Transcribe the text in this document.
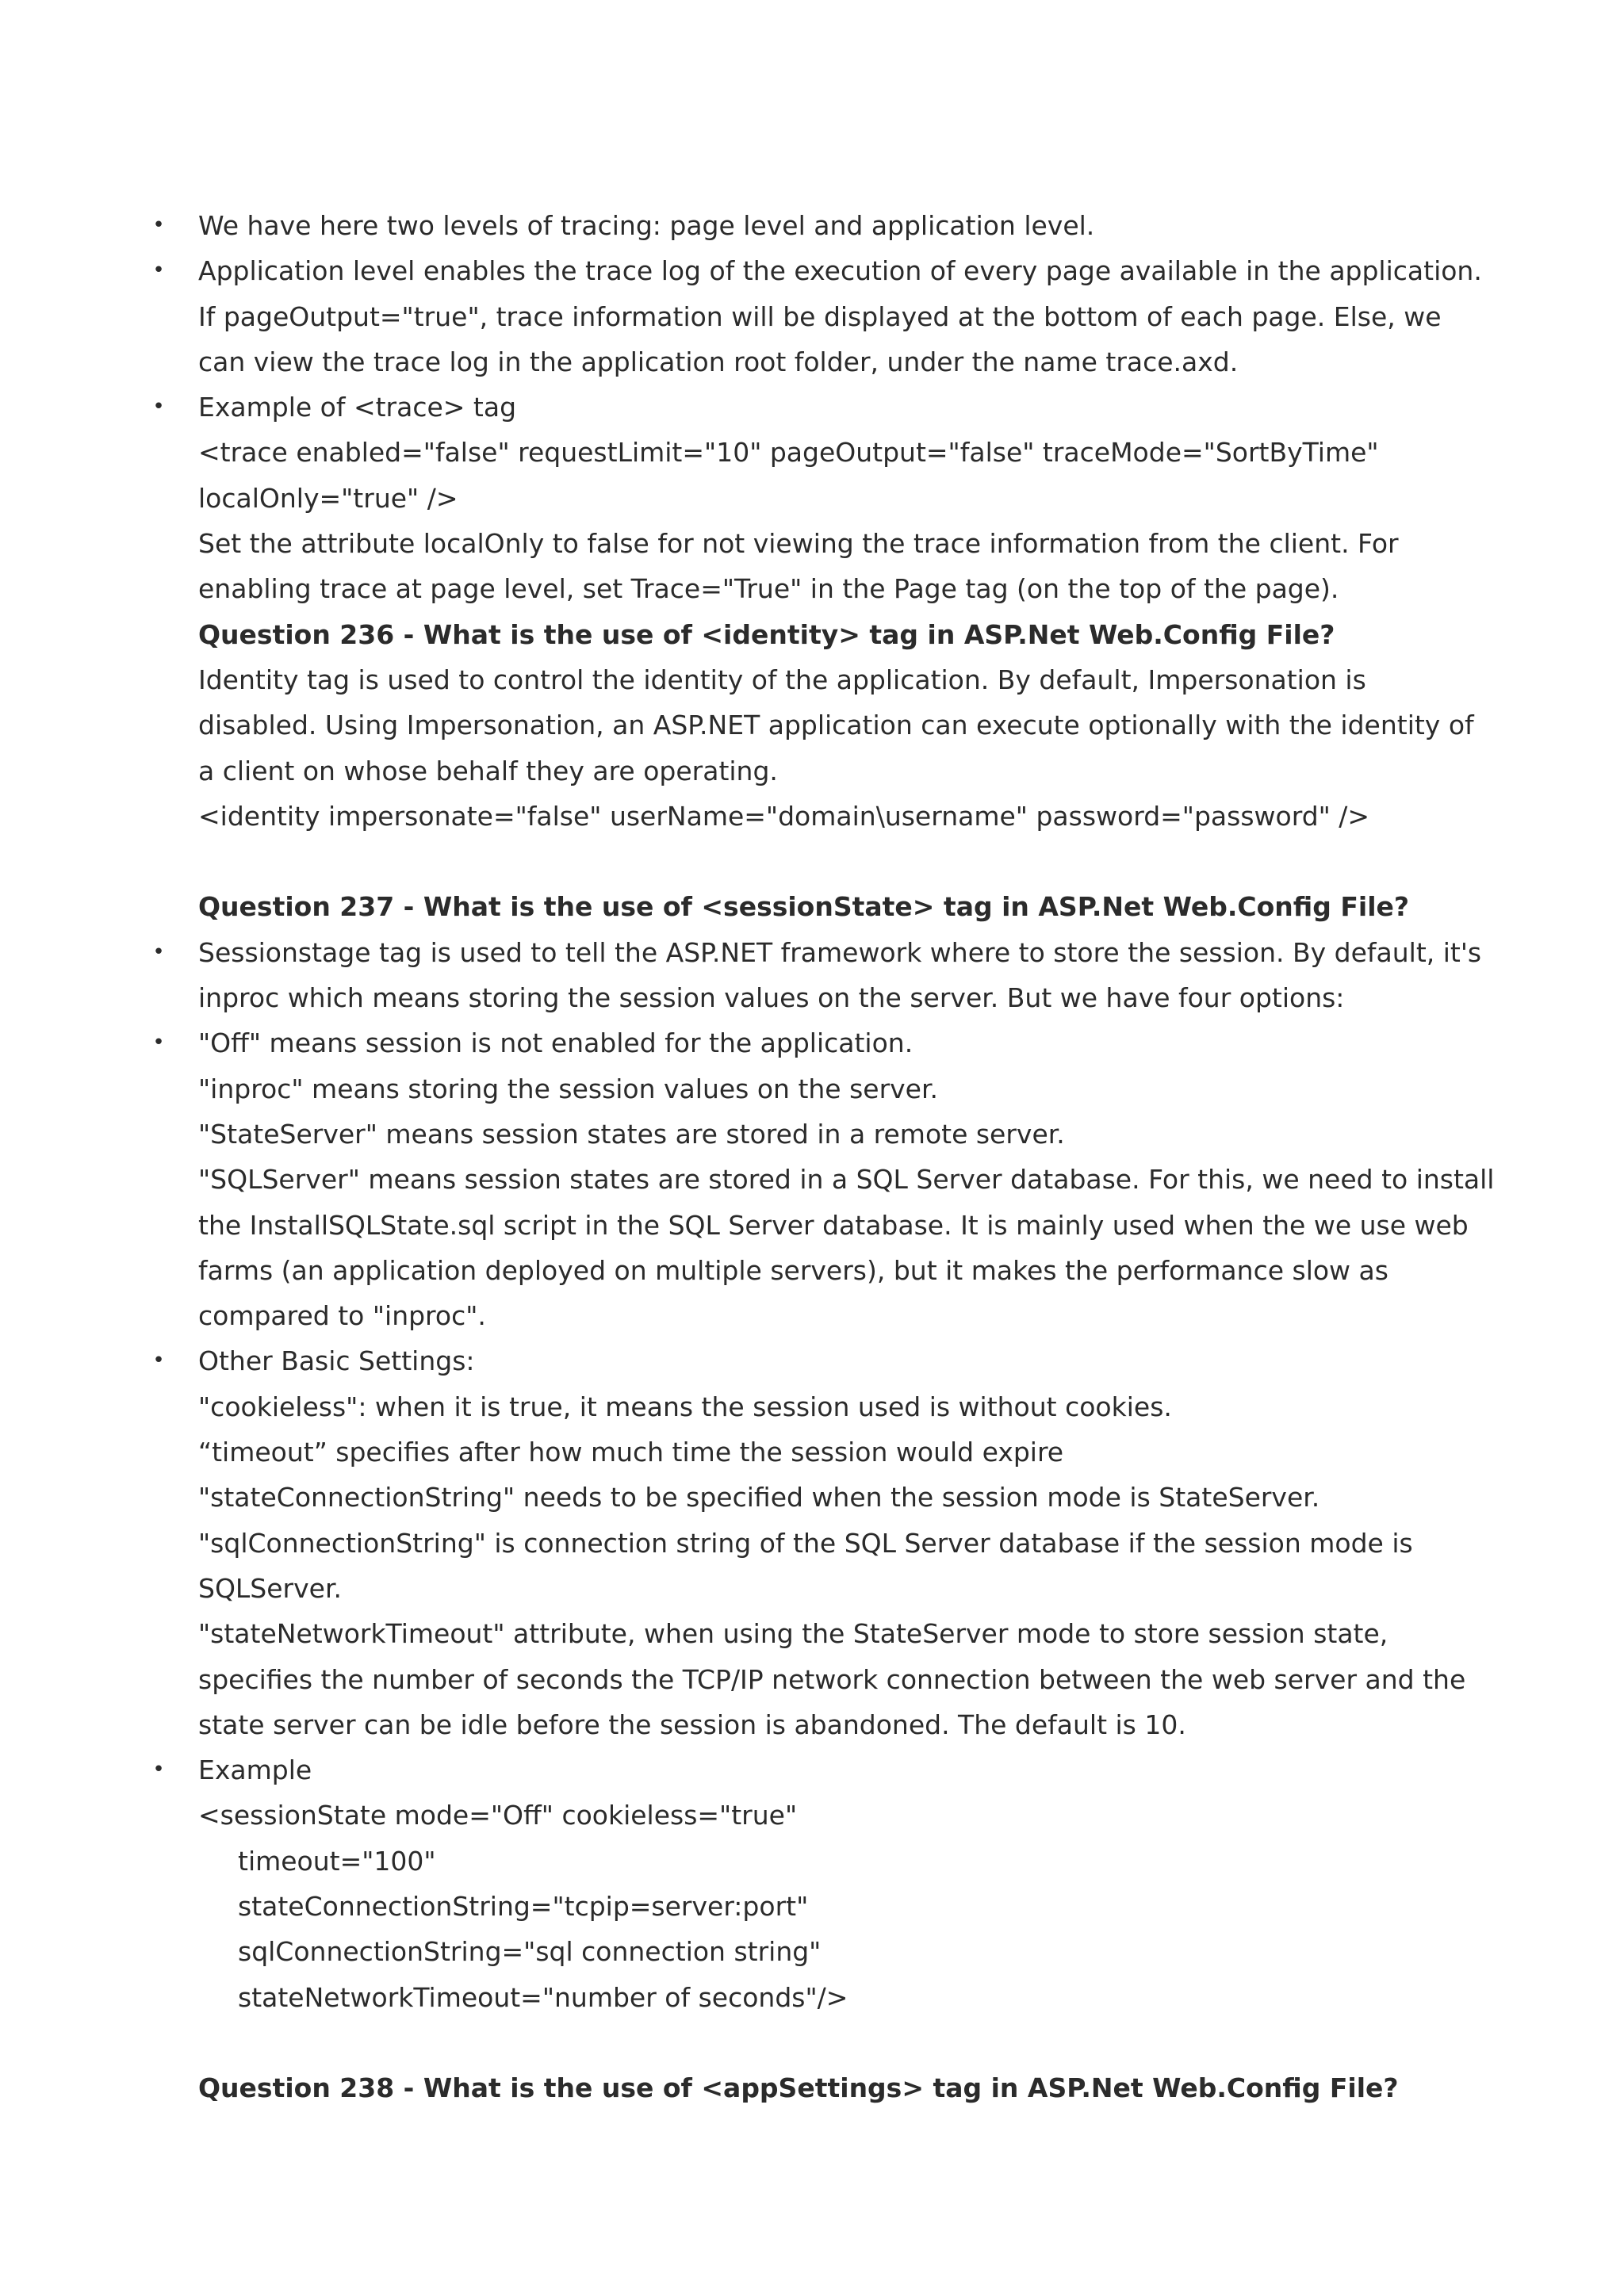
• We have here two levels of tracing: page level and application level.
• Application level enables the trace log of the execution of every page available in the application.
If pageOutput="true", trace information will be displayed at the bottom of each page. Else, we
can view the trace log in the application root folder, under the name trace.axd.
• Example of <trace> tag
<trace enabled="false" requestLimit="10" pageOutput="false" traceMode="SortByTime"
localOnly="true" />
Set the attribute localOnly to false for not viewing the trace information from the client. For
enabling trace at page level, set Trace="True" in the Page tag (on the top of the page).
Question 236 - What is the use of <identity> tag in ASP.Net Web.Config File?
Identity tag is used to control the identity of the application. By default, Impersonation is
disabled. Using Impersonation, an ASP.NET application can execute optionally with the identity of
a client on whose behalf they are operating.
<identity impersonate="false" userName="domain\username" password="password" />
Question 237 - What is the use of <sessionState> tag in ASP.Net Web.Config File?
• Sessionstage tag is used to tell the ASP.NET framework where to store the session. By default, it's
inproc which means storing the session values on the server. But we have four options:
• "Off" means session is not enabled for the application.
"inproc" means storing the session values on the server.
"StateServer" means session states are stored in a remote server.
"SQLServer" means session states are stored in a SQL Server database. For this, we need to install
the InstallSQLState.sql script in the SQL Server database. It is mainly used when the we use web
farms (an application deployed on multiple servers), but it makes the performance slow as
compared to "inproc".
• Other Basic Settings:
"cookieless": when it is true, it means the session used is without cookies.
“timeout” specifies after how much time the session would expire
"stateConnectionString" needs to be specified when the session mode is StateServer.
"sqlConnectionString" is connection string of the SQL Server database if the session mode is
SQLServer.
"stateNetworkTimeout" attribute, when using the StateServer mode to store session state,
specifies the number of seconds the TCP/IP network connection between the web server and the
state server can be idle before the session is abandoned. The default is 10.
• Example
<sessionState mode="Off" cookieless="true"
timeout="100"
stateConnectionString="tcpip=server:port"
sqlConnectionString="sql connection string"
stateNetworkTimeout="number of seconds"/>
Question 238 - What is the use of <appSettings> tag in ASP.Net Web.Config File?
